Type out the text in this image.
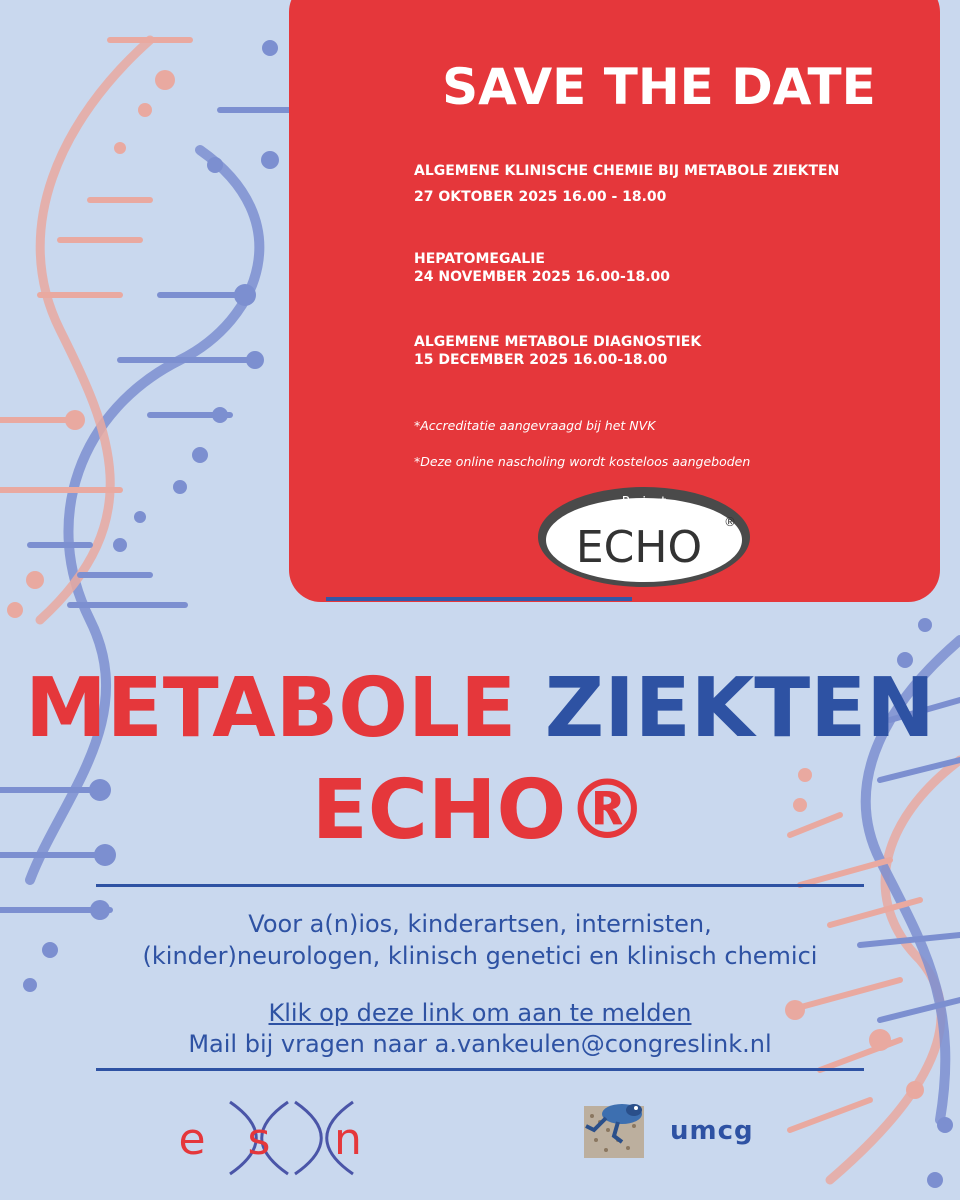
SAVE THE DATE
ALGEMENE KLINISCHE CHEMIE BIJ METABOLE ZIEKTEN
27 OKTOBER 2025 16.00 - 18.00
HEPATOMEGALIE
24 NOVEMBER 2025 16.00-18.00
ALGEMENE METABOLE DIAGNOSTIEK
15 DECEMBER 2025 16.00-18.00
*Accreditatie aangevraagd bij het NVK
*Deze online nascholing wordt kosteloos aangeboden
Project
ECHO ®
METABOLE ZIEKTEN
ECHO®
Voor a(n)ios, kinderartsen, internisten,
(kinder)neurologen, klinisch genetici en klinisch chemici
Klik op deze link om aan te melden
Mail bij vragen naar a.vankeulen@congreslink.nl
e s n	umcg
